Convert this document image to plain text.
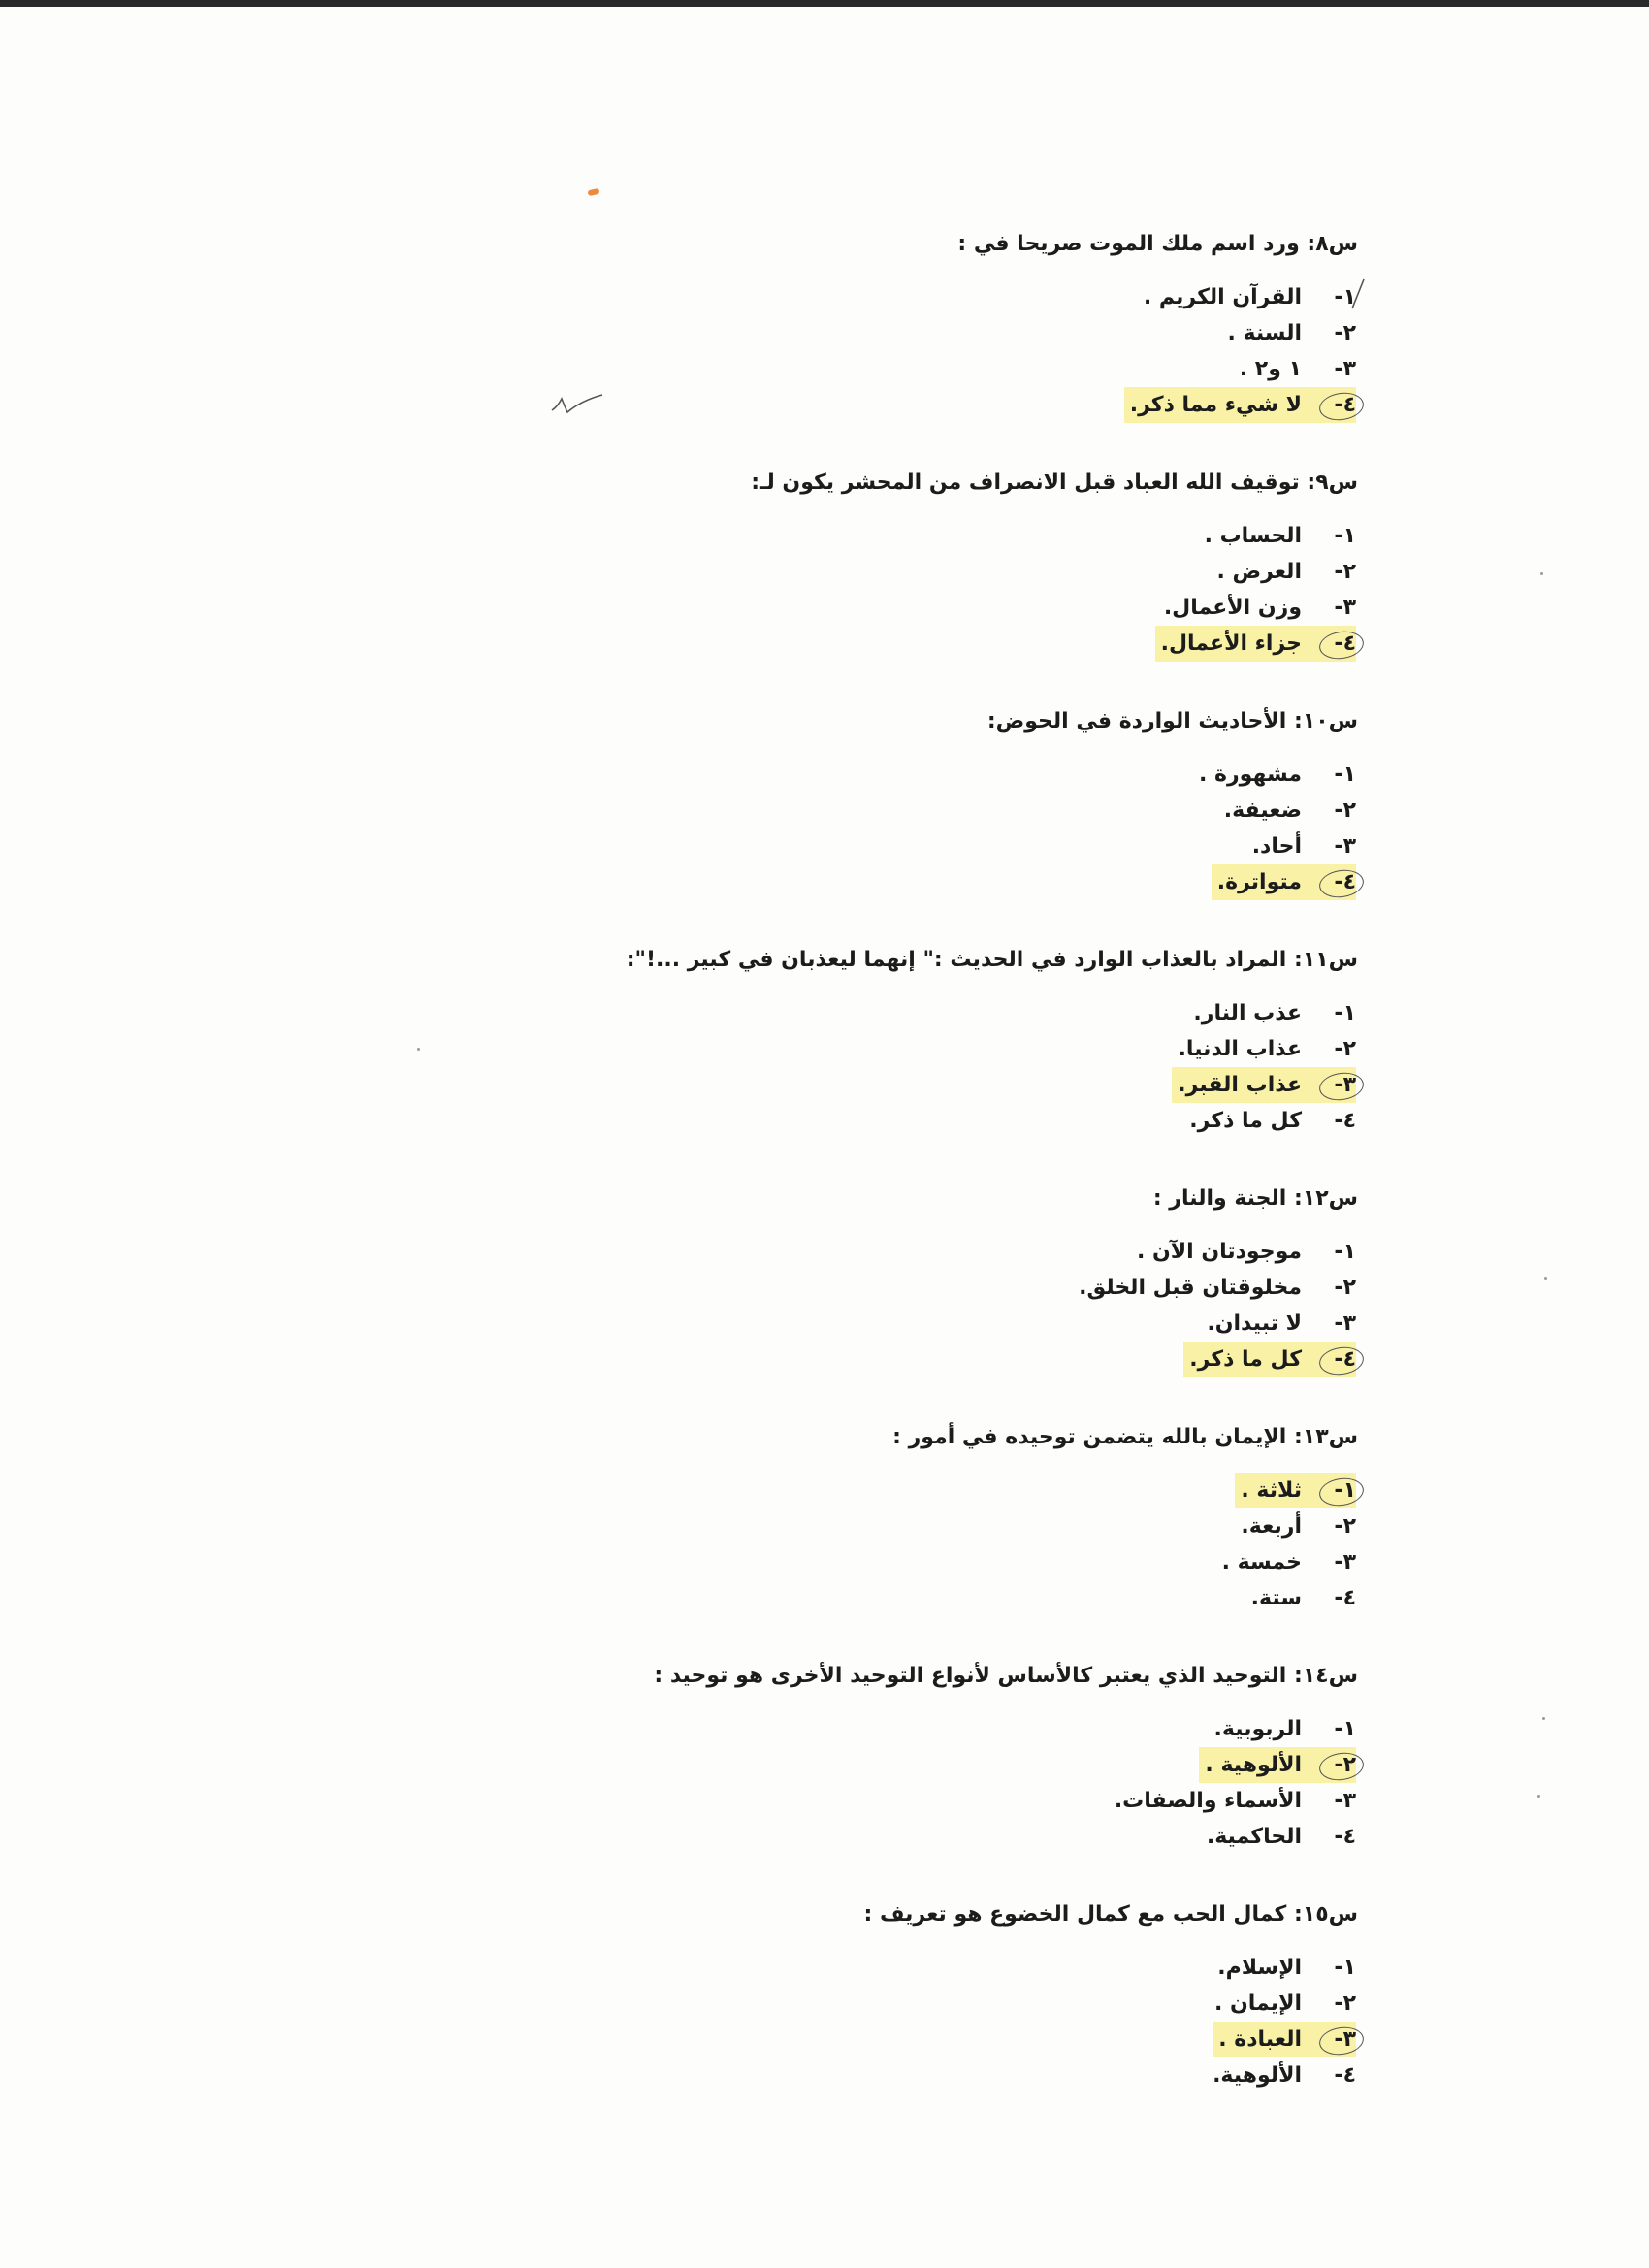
س٨: ورد اسم ملك الموت صريحا في :
١-القرآن الكريم .
٢-السنة .
٣-١ و٢ .
٤-لا شيء مما ذكر.
س٩: توقيف الله العباد قبل الانصراف من المحشر يكون لـ:
١-الحساب .
٢-العرض .
٣-وزن الأعمال.
٤-جزاء الأعمال.
س١٠: الأحاديث الواردة في الحوض:
١-مشهورة .
٢-ضعيفة.
٣-أحاد.
٤-متواترة.
س١١: المراد بالعذاب الوارد في الحديث :" إنهما ليعذبان في كبير ...!":
١-عذب النار.
٢-عذاب الدنيا.
٣-عذاب القبر.
٤-كل ما ذكر.
س١٢: الجنة والنار :
١-موجودتان الآن .
٢-مخلوقتان قبل الخلق.
٣-لا تبيدان.
٤-كل ما ذكر.
س١٣: الإيمان بالله يتضمن توحيده في أمور :
١-ثلاثة .
٢-أربعة.
٣-خمسة .
٤-ستة.
س١٤: التوحيد الذي يعتبر كالأساس لأنواع التوحيد الأخرى هو توحيد :
١-الربوبية.
٢-الألوهية .
٣-الأسماء والصفات.
٤-الحاكمية.
س١٥: كمال الحب مع كمال الخضوع هو تعريف :
١-الإسلام.
٢-الإيمان .
٣-العبادة .
٤-الألوهية.
